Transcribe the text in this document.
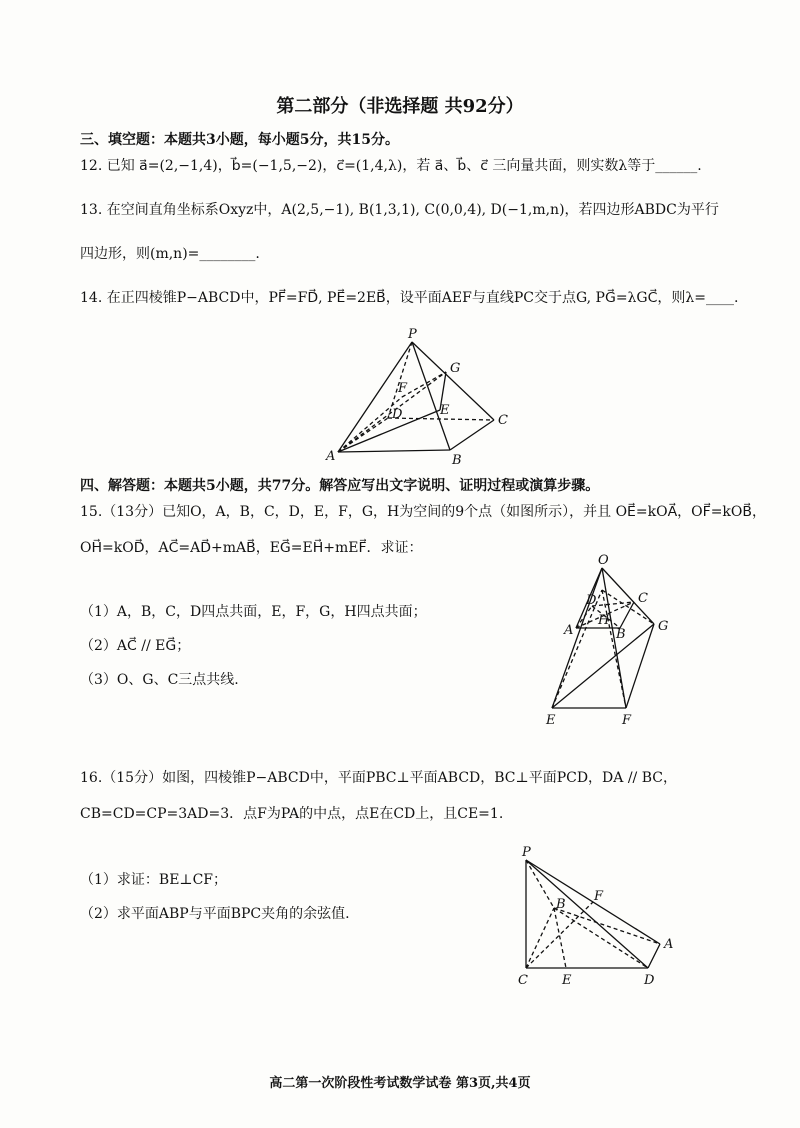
第二部分（非选择题 共92分）
三、填空题：本题共3小题，每小题5分，共15分。
12. 已知 a⃗=(2,−1,4)，b⃗=(−1,5,−2)，c⃗=(1,4,λ)，若 a⃗、b⃗、c⃗ 三向量共面，则实数λ等于______.
13. 在空间直角坐标系Oxyz中，A(2,5,−1), B(1,3,1), C(0,0,4), D(−1,m,n)，若四边形ABDC为平行
四边形，则(m,n)=________.
14. 在正四棱锥P−ABCD中，PF⃗=FD⃗, PE⃗=2EB⃗，设平面AEF与直线PC交于点G, PG⃗=λGC⃗，则λ=____.
P
G
F
D	E
C
A	B
四、解答题：本题共5小题，共77分。解答应写出文字说明、证明过程或演算步骤。
15.（13分）已知O，A，B，C，D，E，F，G，H为空间的9个点（如图所示），并且 OE⃗=kOA⃗，OF⃗=kOB⃗，
OH⃗=kOD⃗，AC⃗=AD⃗+mAB⃗，EG⃗=EH⃗+mEF⃗．求证：
（1）A，B，C，D四点共面，E，F，G，H四点共面；
（2）AC⃗ // EG⃗；
（3）O、G、C三点共线.
O
D	C
A
H
B
G
E	F
16.（15分）如图，四棱锥P−ABCD中，平面PBC⊥平面ABCD，BC⊥平面PCD，DA // BC，
CB=CD=CP=3AD=3．点F为PA的中点，点E在CD上，且CE=1.
（1）求证：BE⊥CF；
（2）求平面ABP与平面BPC夹角的余弦值.
P
B
F
A
C	E	D
高二第一次阶段性考试数学试卷 第3页,共4页
